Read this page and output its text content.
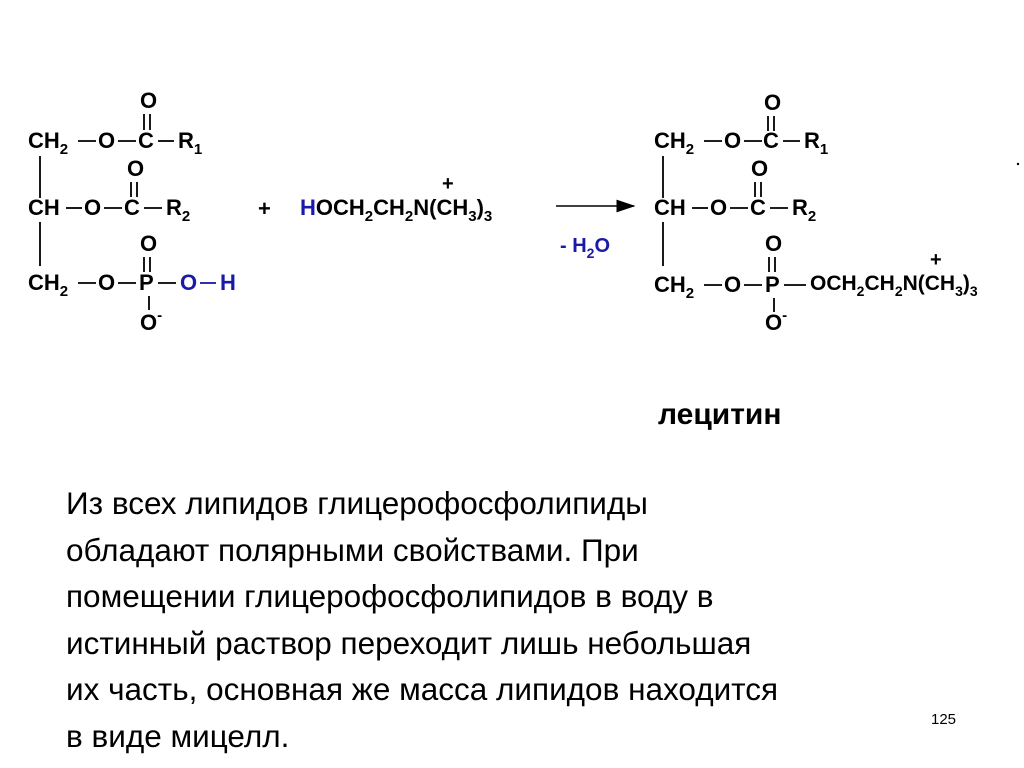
O
$CH_2$ O C $R_1$
O
CH O C $R_2$
O
$CH_2$ O P O H
O-
+
+
$HOCH_2CH_2N(CH_3)_3$
- $H_2O$
O
$CH_2$ O C $R_1$
O
CH O C $R_2$
O
$CH_2$ O P
+
$OCH_2CH_2N(CH_3)_3$
O-
лецитин

Из всех липидов глицерофосфолипиды
обладают полярными свойствами. При
помещении глицерофосфолипидов в воду в
истинный раствор переходит лишь небольшая
их часть, основная же масса липидов находится
в виде мицелл.	125
